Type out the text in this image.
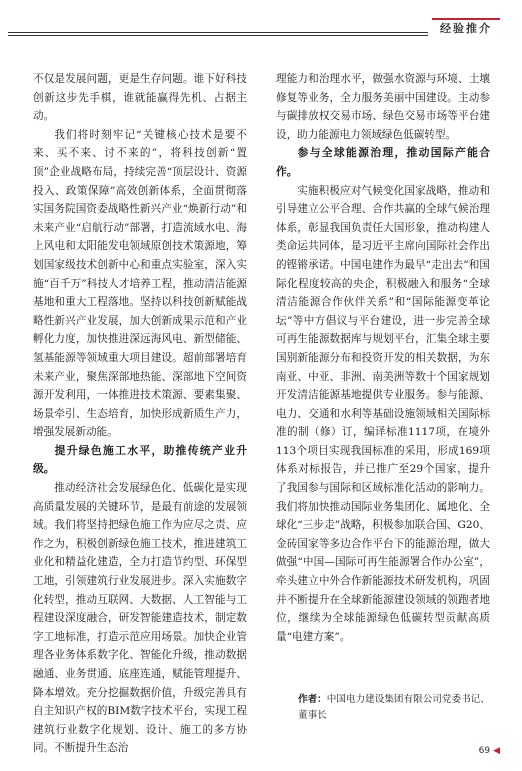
经验推介

不仅是发展问题，更是生存问题。谁下好科技创新这步先手棋，谁就能赢得先机、占据主动。

我们将时刻牢记“关键核心技术是要不来、买不来、讨不来的”，将科技创新“置顶”企业战略布局，持续完善“顶层设计、资源投入、政策保障”高效创新体系，全面贯彻落实国务院国资委战略性新兴产业“焕新行动”和未来产业“启航行动”部署，打造流域水电、海上风电和太阳能发电领域原创技术策源地，筹划国家级技术创新中心和重点实验室，深入实施“百千万”科技人才培养工程，推动清洁能源基地和重大工程落地。坚持以科技创新赋能战略性新兴产业发展，加大创新成果示范和产业孵化力度，加快推进深远海风电、新型储能、氢基能源等领域重大项目建设。超前部署培育未来产业，聚焦深部地热能、深部地下空间资源开发利用，一体推进技术策源、要素集聚、场景牵引、生态培育，加快形成新质生产力，增强发展新动能。

提升绿色施工水平，助推传统产业升级。

推动经济社会发展绿色化、低碳化是实现高质量发展的关键环节，是最有前途的发展领域。我们将坚持把绿色施工作为应尽之责、应作之为，积极创新绿色施工技术，推进建筑工业化和精益化建造，全力打造节约型、环保型工地，引领建筑行业发展进步。深入实施数字化转型，推动互联网、大数据、人工智能与工程建设深度融合，研发智能建造技术，制定数字工地标准，打造示范应用场景。加快企业管理各业务体系数字化、智能化升级，推动数据融通、业务贯通、底座连通，赋能管理提升、降本增效。充分挖掘数据价值，升级完善具有自主知识产权的BIM数字技术平台，实现工程建筑行业数字化规划、设计、施工的多方协同。不断提升生态治

理能力和治理水平，做强水资源与环境、土壤修复等业务，全力服务美丽中国建设。主动参与碳排放权交易市场、绿色交易市场等平台建设，助力能源电力领域绿色低碳转型。

参与全球能源治理，推动国际产能合作。

实施积极应对气候变化国家战略，推动和引导建立公平合理、合作共赢的全球气候治理体系，彰显我国负责任大国形象，推动构建人类命运共同体，是习近平主席向国际社会作出的铿锵承诺。中国电建作为最早“走出去”和国际化程度较高的央企，积极融入和服务“全球清洁能源合作伙伴关系”和“国际能源变革论坛”等中方倡议与平台建设，进一步完善全球可再生能源数据库与规划平台，汇集全球主要国别新能源分布和投资开发的相关数据，为东南亚、中亚、非洲、南美洲等数十个国家规划开发清洁能源基地提供专业服务。参与能源、电力、交通和水利等基础设施领域相关国际标准的制（修）订，编译标准1117项，在境外113个项目实现我国标准的采用，形成169项体系对标报告，并已推广至29个国家，提升了我国参与国际和区域标准化活动的影响力。我们将加快推动国际业务集团化、属地化、全球化“三步走”战略，积极参加联合国、G20、金砖国家等多边合作平台下的能源治理，做大做强“中国—国际可再生能源署合作办公室”，牵头建立中外合作新能源技术研发机构，巩固并不断提升在全球新能源建设领域的领跑者地位，继续为全球能源绿色低碳转型贡献高质量“电建方案”。

作者：中国电力建设集团有限公司党委书记、董事长
69 ◀
